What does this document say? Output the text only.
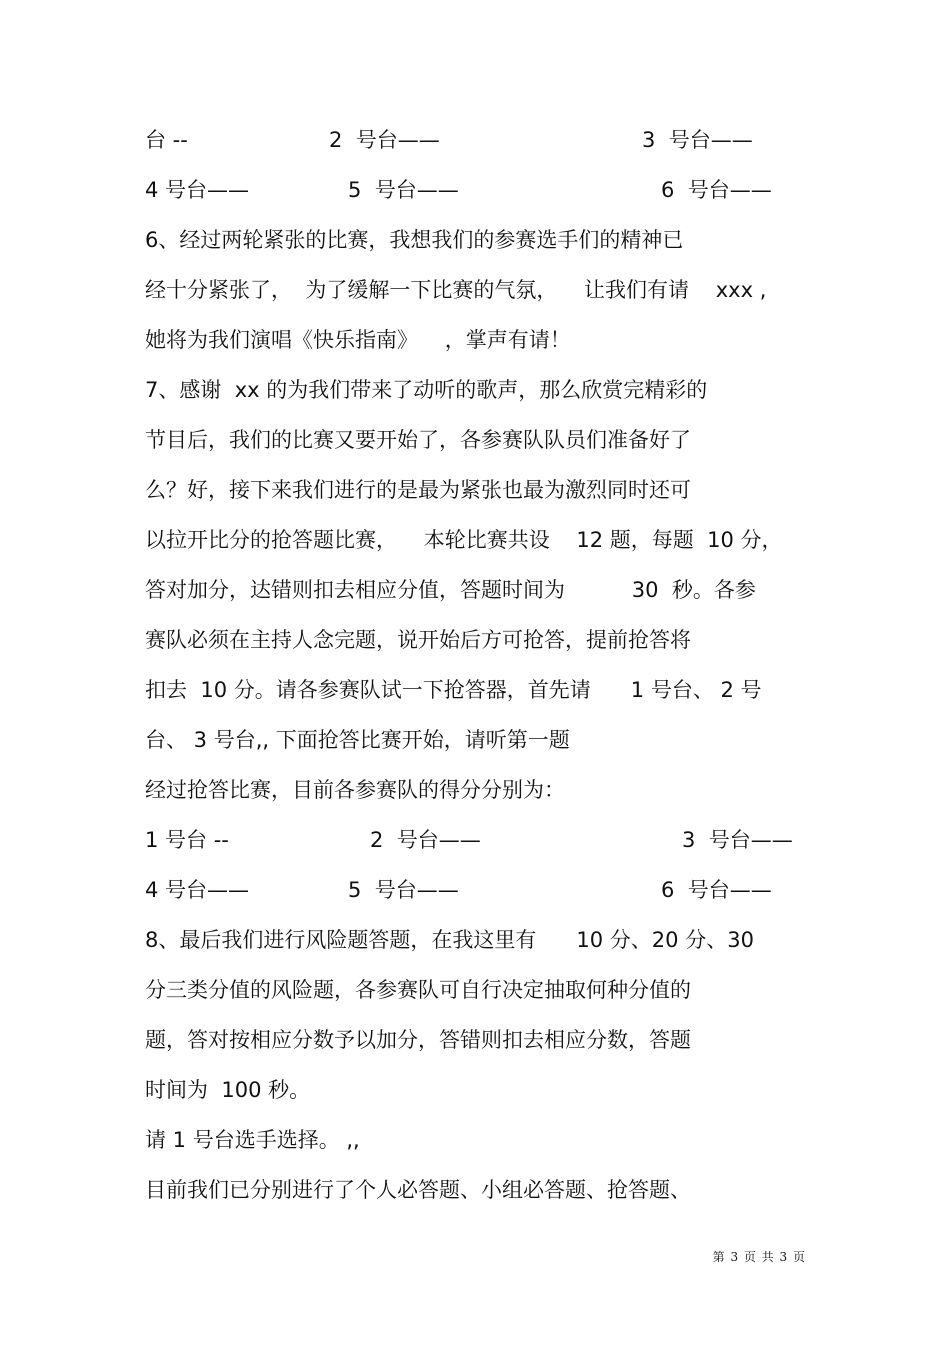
台 --

	2  号台——

	3  号台——

4 号台——

	5  号台——

	6  号台——

6、经过两轮紧张的比赛，我想我们的参赛选手们的精神已
经十分紧张了，  为了缓解一下比赛的气氛，    让我们有请    xxx ,
她将为我们演唱《快乐指南》    ，掌声有请！
7、感谢  xx 的为我们带来了动听的歌声，那么欣赏完精彩的
节目后，我们的比赛又要开始了，各参赛队队员们准备好了
么？好，接下来我们进行的是最为紧张也最为激烈同时还可
以拉开比分的抢答题比赛，    本轮比赛共设    12 题，每题  10 分，
答对加分，达错则扣去相应分值，答题时间为          30  秒。各参
赛队必须在主持人念完题，说开始后方可抢答，提前抢答将
扣去  10 分。请各参赛队试一下抢答器，首先请      1 号台、 2 号
台、 3 号台,, 下面抢答比赛开始，请听第一题
经过抢答比赛，目前各参赛队的得分分别为：

1 号台 --

	2  号台——

	3  号台——

4 号台——

	5  号台——

	6  号台——

8、最后我们进行风险题答题，在我这里有      10 分、20 分、30
分三类分值的风险题，各参赛队可自行决定抽取何种分值的
题，答对按相应分数予以加分，答错则扣去相应分数，答题
时间为  100 秒。
请 1 号台选手选择。 ,,
目前我们已分别进行了个人必答题、小组必答题、抢答题、
第 3 页 共 3 页
